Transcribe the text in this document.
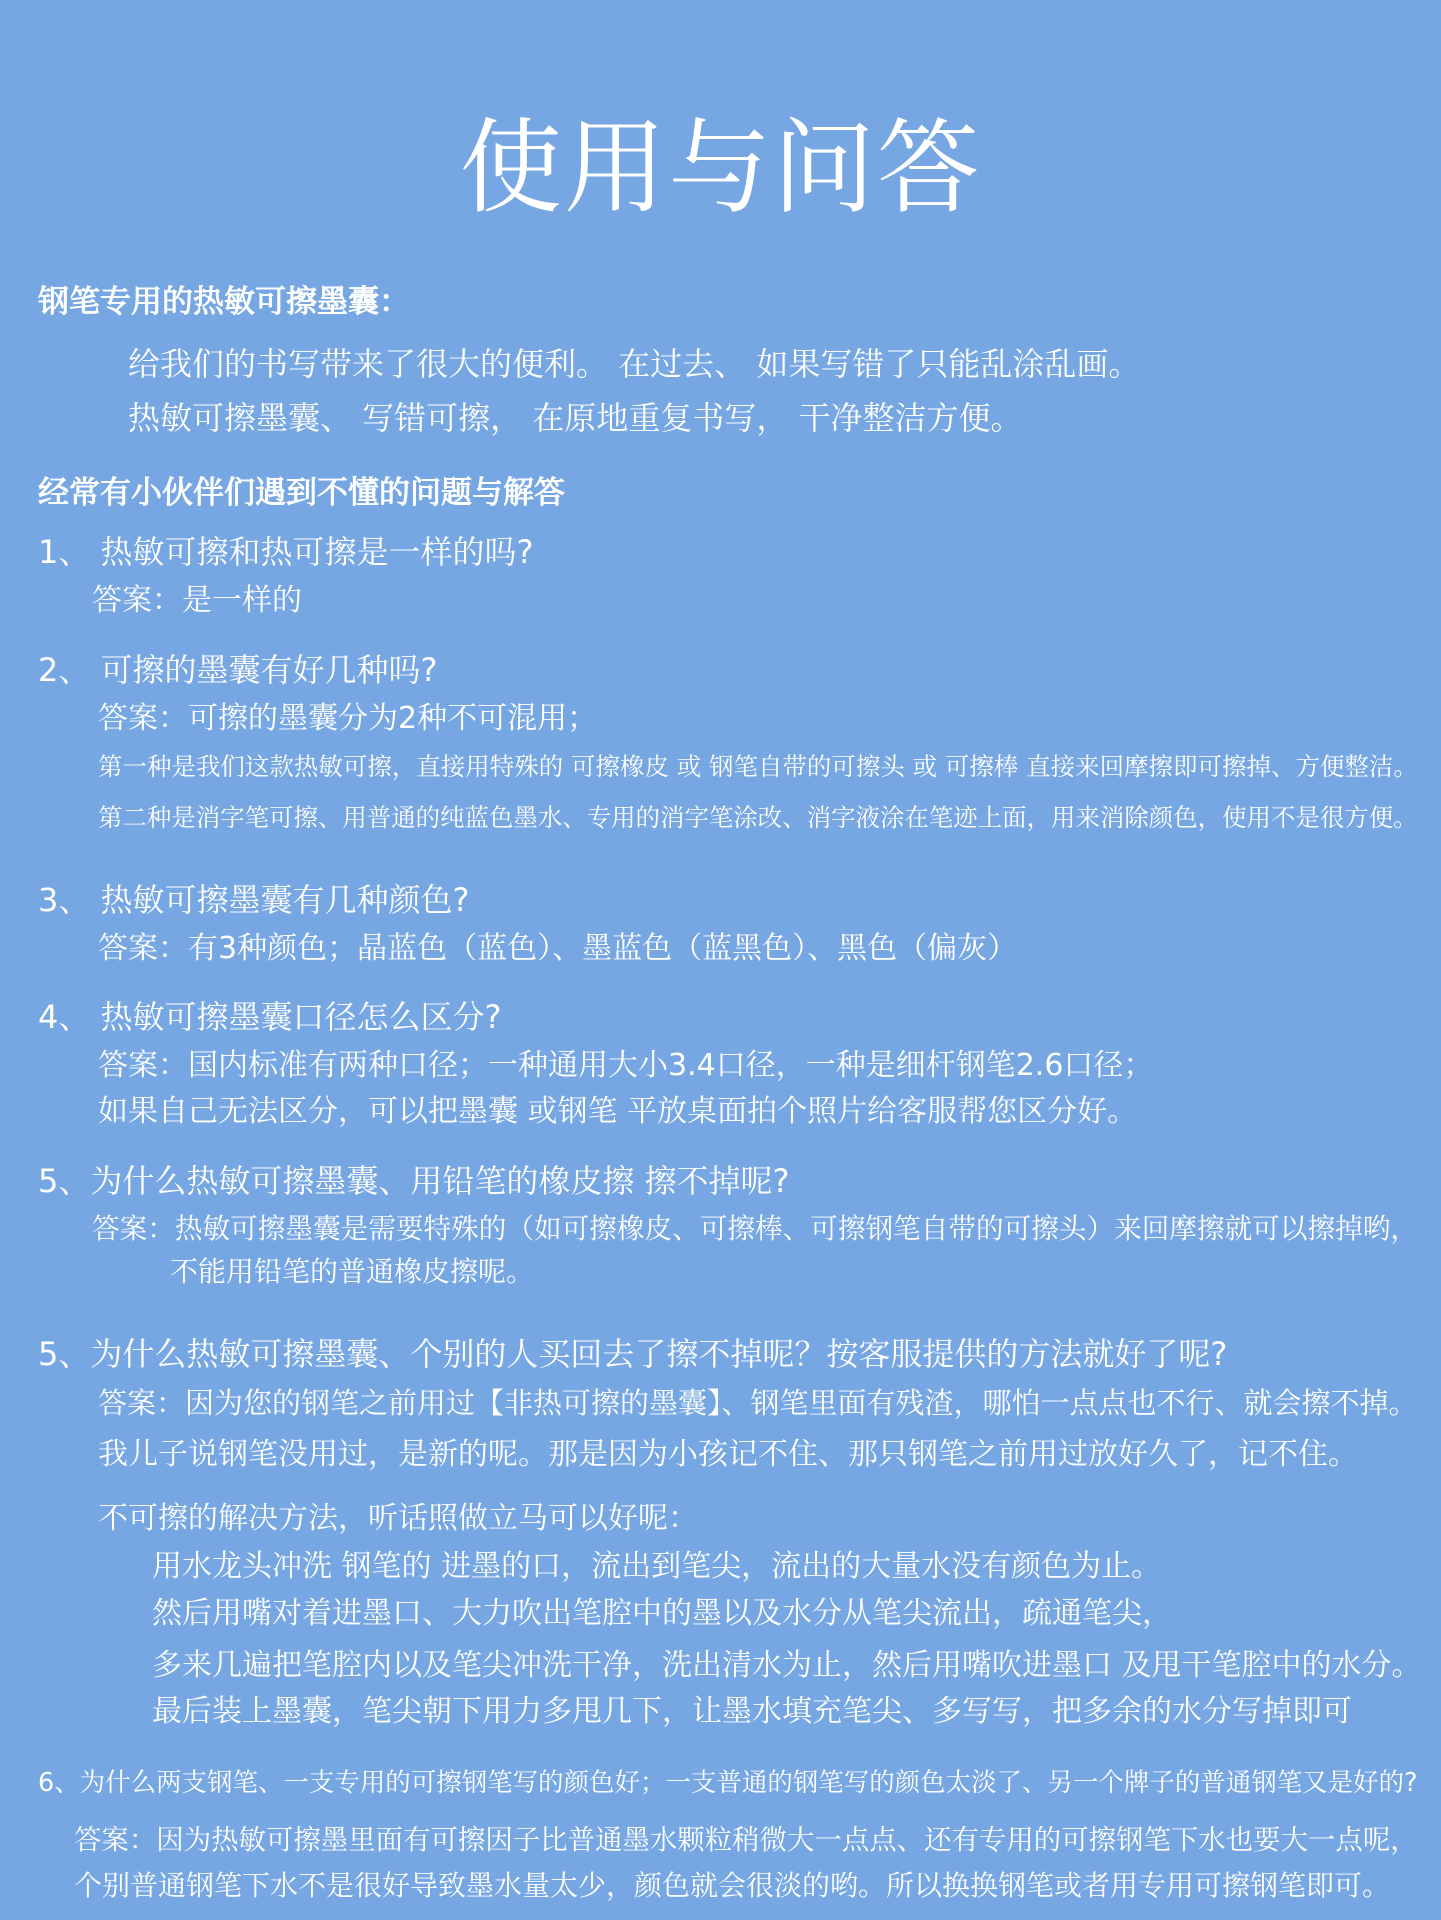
使用与问答
钢笔专用的热敏可擦墨囊：
给我们的书写带来了很大的便利。 在过去、 如果写错了只能乱涂乱画。
热敏可擦墨囊、 写错可擦， 在原地重复书写， 干净整洁方便。
经常有小伙伴们遇到不懂的问题与解答
1、 热敏可擦和热可擦是一样的吗?
答案：是一样的
2、 可擦的墨囊有好几种吗?
答案：可擦的墨囊分为2种不可混用；
第一种是我们这款热敏可擦，直接用特殊的 可擦橡皮 或 钢笔自带的可擦头 或 可擦棒 直接来回摩擦即可擦掉、方便整洁。
第二种是消字笔可擦、用普通的纯蓝色墨水、专用的消字笔涂改、消字液涂在笔迹上面，用来消除颜色，使用不是很方便。
3、 热敏可擦墨囊有几种颜色?
答案：有3种颜色；晶蓝色（蓝色）、墨蓝色（蓝黑色）、黑色（偏灰）
4、 热敏可擦墨囊口径怎么区分?
答案：国内标准有两种口径；一种通用大小3.4口径，一种是细杆钢笔2.6口径；
如果自己无法区分，可以把墨囊 或钢笔 平放桌面拍个照片给客服帮您区分好。
5、为什么热敏可擦墨囊、用铅笔的橡皮擦 擦不掉呢?
答案：热敏可擦墨囊是需要特殊的（如可擦橡皮、可擦棒、可擦钢笔自带的可擦头）来回摩擦就可以擦掉哟，
不能用铅笔的普通橡皮擦呢。
5、为什么热敏可擦墨囊、个别的人买回去了擦不掉呢？按客服提供的方法就好了呢?
答案：因为您的钢笔之前用过【非热可擦的墨囊】、钢笔里面有残渣，哪怕一点点也不行、就会擦不掉。
我儿子说钢笔没用过，是新的呢。那是因为小孩记不住、那只钢笔之前用过放好久了，记不住。
不可擦的解决方法，听话照做立马可以好呢：
用水龙头冲洗 钢笔的 进墨的口，流出到笔尖，流出的大量水没有颜色为止。
然后用嘴对着进墨口、大力吹出笔腔中的墨以及水分从笔尖流出，疏通笔尖，
多来几遍把笔腔内以及笔尖冲洗干净，洗出清水为止，然后用嘴吹进墨口 及甩干笔腔中的水分。
最后装上墨囊，笔尖朝下用力多甩几下，让墨水填充笔尖、多写写，把多余的水分写掉即可
6、为什么两支钢笔、一支专用的可擦钢笔写的颜色好；一支普通的钢笔写的颜色太淡了、另一个牌子的普通钢笔又是好的?
答案：因为热敏可擦墨里面有可擦因子比普通墨水颗粒稍微大一点点、还有专用的可擦钢笔下水也要大一点呢，
个别普通钢笔下水不是很好导致墨水量太少，颜色就会很淡的哟。所以换换钢笔或者用专用可擦钢笔即可。
